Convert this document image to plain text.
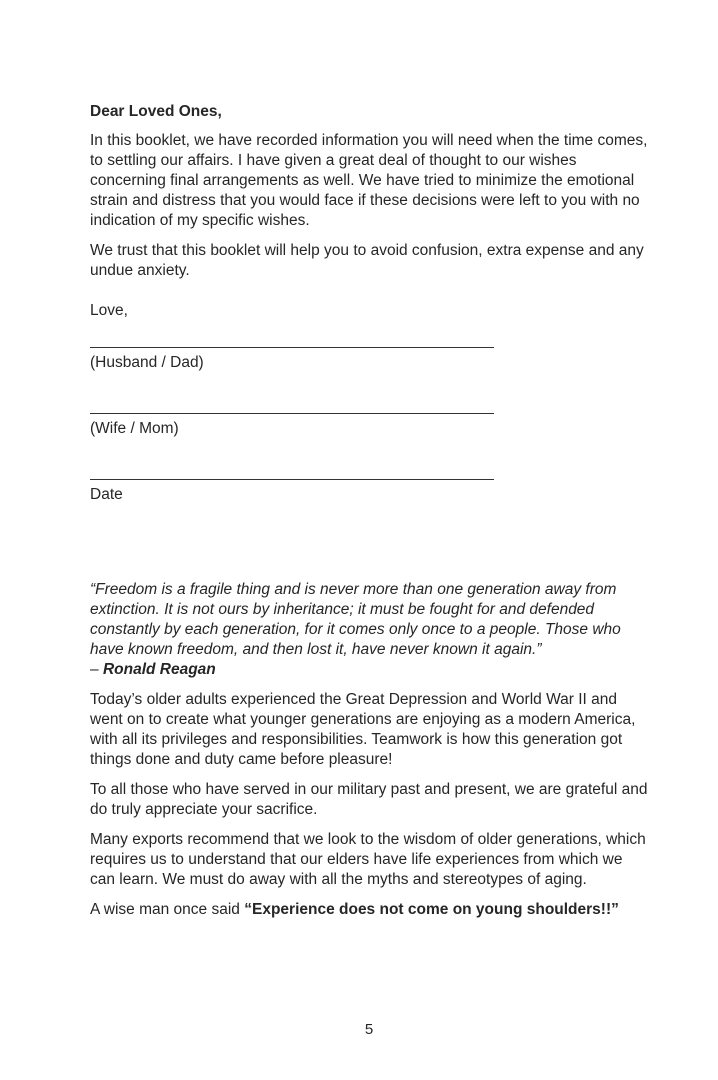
Dear Loved Ones,

In this booklet, we have recorded information you will need when the time comes, to settling our affairs. I have given a great deal of thought to our wishes concerning final arrangements as well. We have tried to minimize the emotional strain and distress that you would face if these decisions were left to you with no indication of my specific wishes.

We trust that this booklet will help you to avoid confusion, extra expense and any undue anxiety.

Love,

(Husband / Dad)

(Wife / Mom)

Date

“Freedom is a fragile thing and is never more than one generation away from extinction. It is not ours by inheritance; it must be fought for and defended constantly by each generation, for it comes only once to a people. Those who have known freedom, and then lost it, have never known it again.”

– Ronald Reagan

Today’s older adults experienced the Great Depression and World War II and went on to create what younger generations are enjoying as a modern America, with all its privileges and responsibilities. Teamwork is how this generation got things done and duty came before pleasure!

To all those who have served in our military past and present, we are grateful and do truly appreciate your sacrifice.

Many exports recommend that we look to the wisdom of older generations, which requires us to understand that our elders have life experiences from which we can learn. We must do away with all the myths and stereotypes of aging.

A wise man once said “Experience does not come on young shoulders!!”

5
